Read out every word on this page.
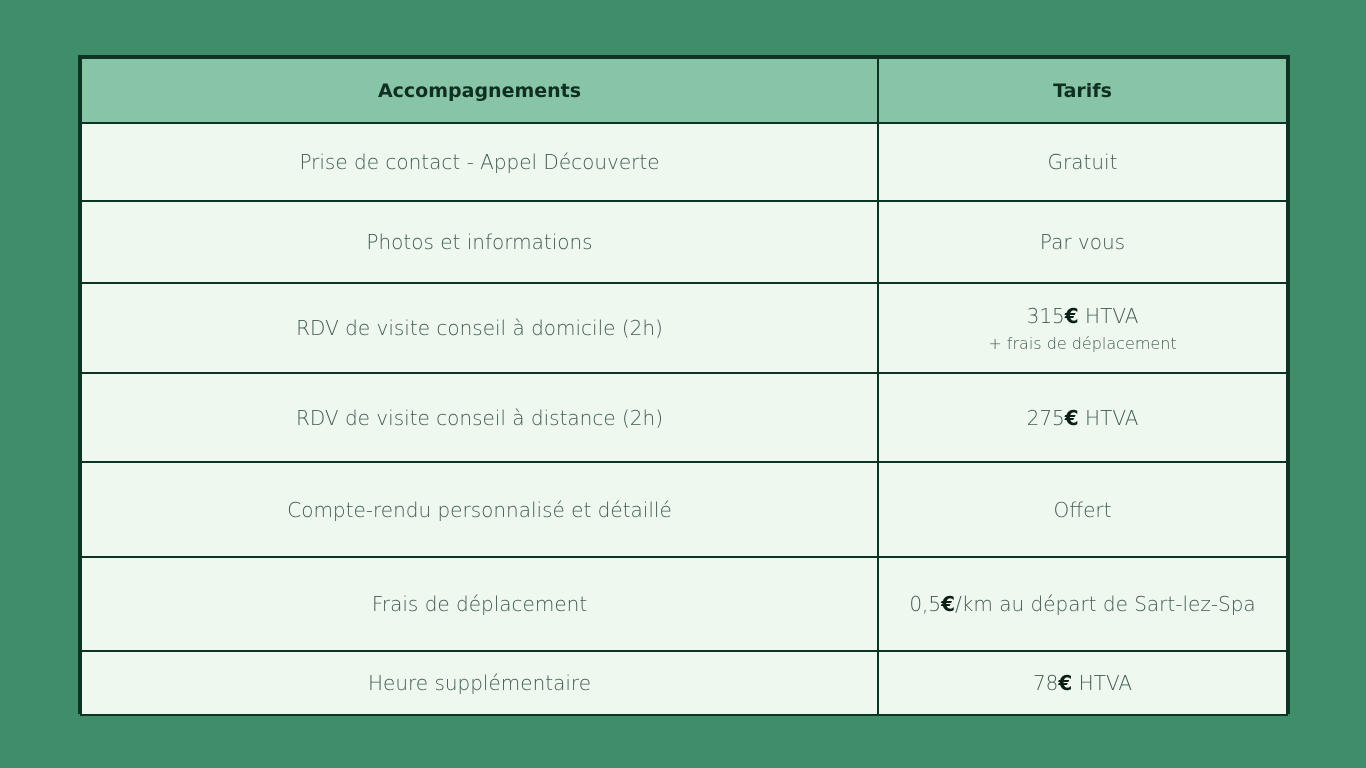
Accompagnements	Tarifs
Prise de contact - Appel Découverte	Gratuit
Photos et informations	Par vous
RDV de visite conseil à domicile (2h)	315€ HTVA
+ frais de déplacement

RDV de visite conseil à distance (2h)	275€ HTVA
Compte-rendu personnalisé et détaillé	Offert
Frais de déplacement	0,5€/km au départ de Sart-lez-Spa
Heure supplémentaire	78€ HTVA
